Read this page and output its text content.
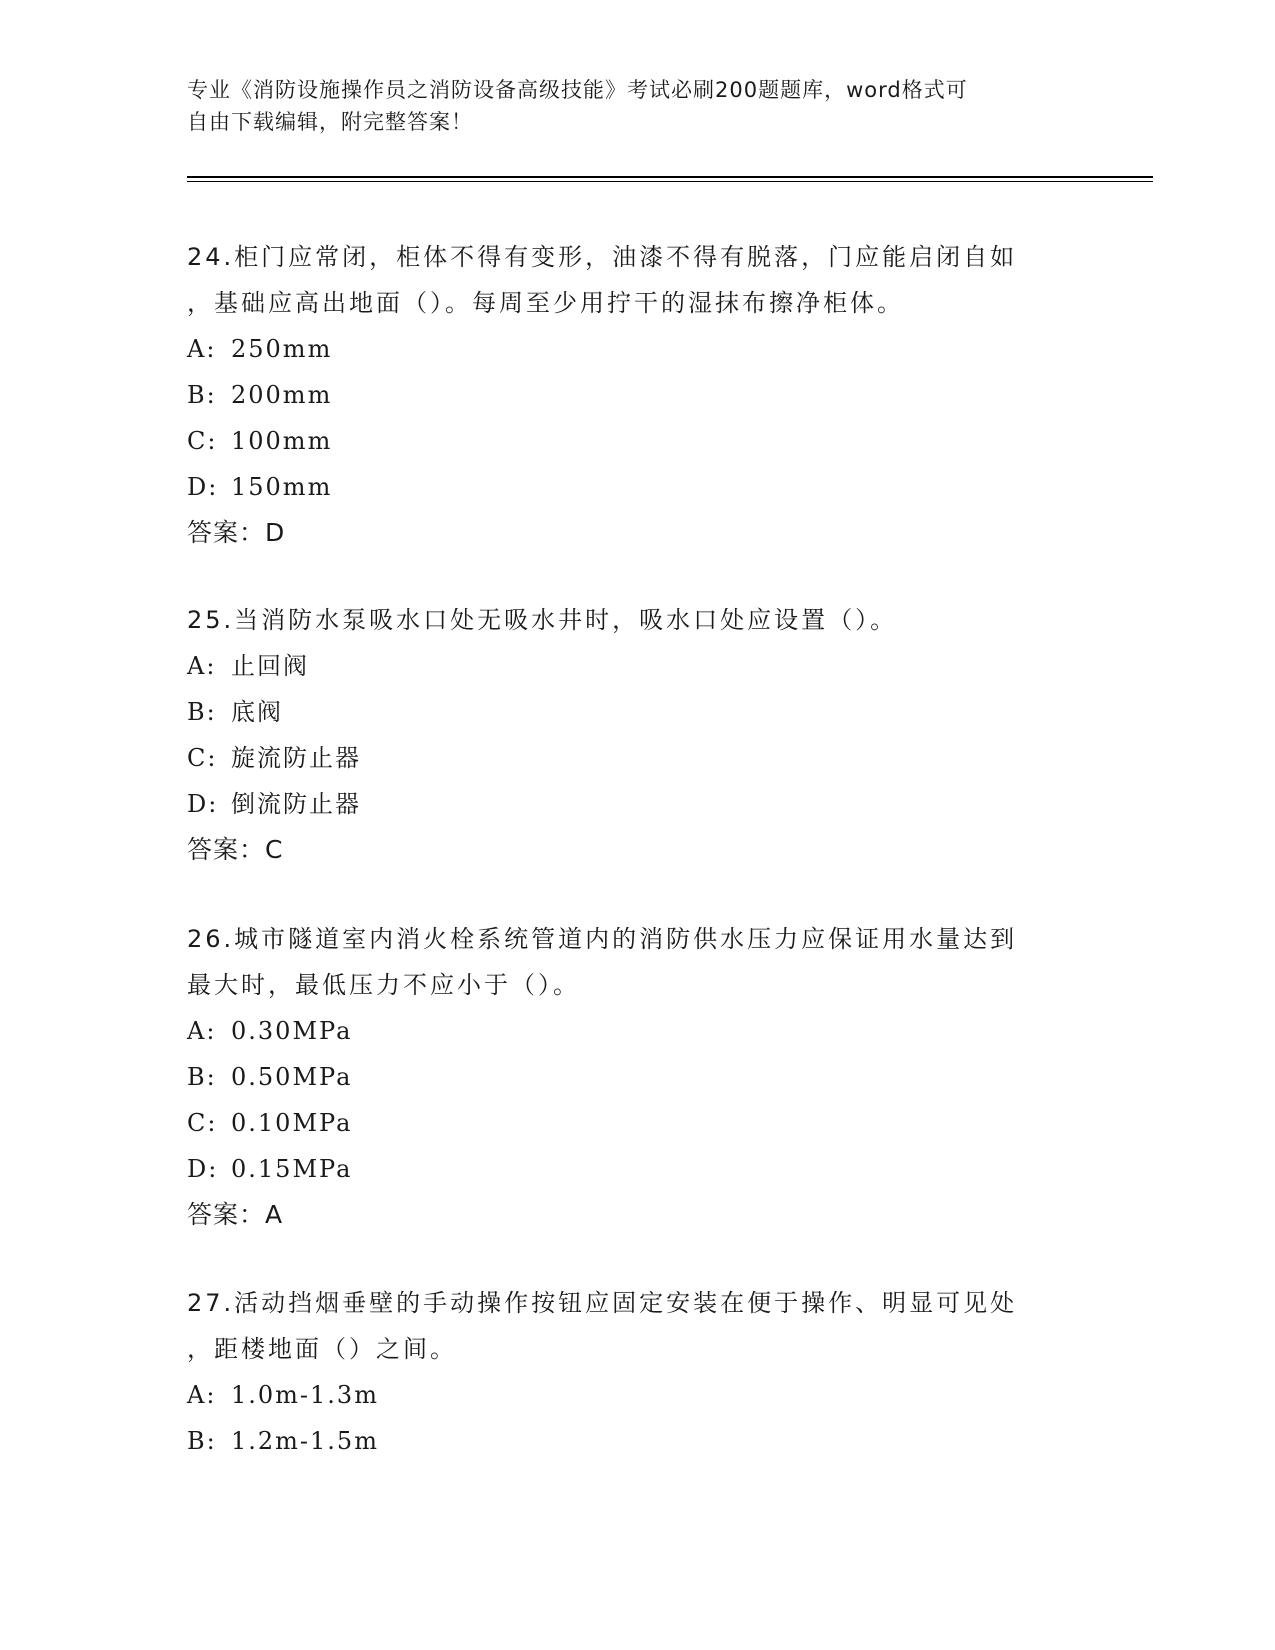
专业《消防设施操作员之消防设备高级技能》考试必刷200题题库，word格式可
自由下载编辑，附完整答案！
24.柜门应常闭，柜体不得有变形，油漆不得有脱落，门应能启闭自如
，基础应高出地面（）。每周至少用拧干的湿抹布擦净柜体。
A: 250mm
B: 200mm
C: 100mm
D: 150mm
答案：D
25.当消防水泵吸水口处无吸水井时，吸水口处应设置（）。
A: 止回阀
B: 底阀
C: 旋流防止器
D: 倒流防止器
答案：C
26.城市隧道室内消火栓系统管道内的消防供水压力应保证用水量达到
最大时，最低压力不应小于（）。
A: 0.30MPa
B: 0.50MPa
C: 0.10MPa
D: 0.15MPa
答案：A
27.活动挡烟垂壁的手动操作按钮应固定安装在便于操作、明显可见处
，距楼地面（）之间。
A: 1.0m-1.3m
B: 1.2m-1.5m
